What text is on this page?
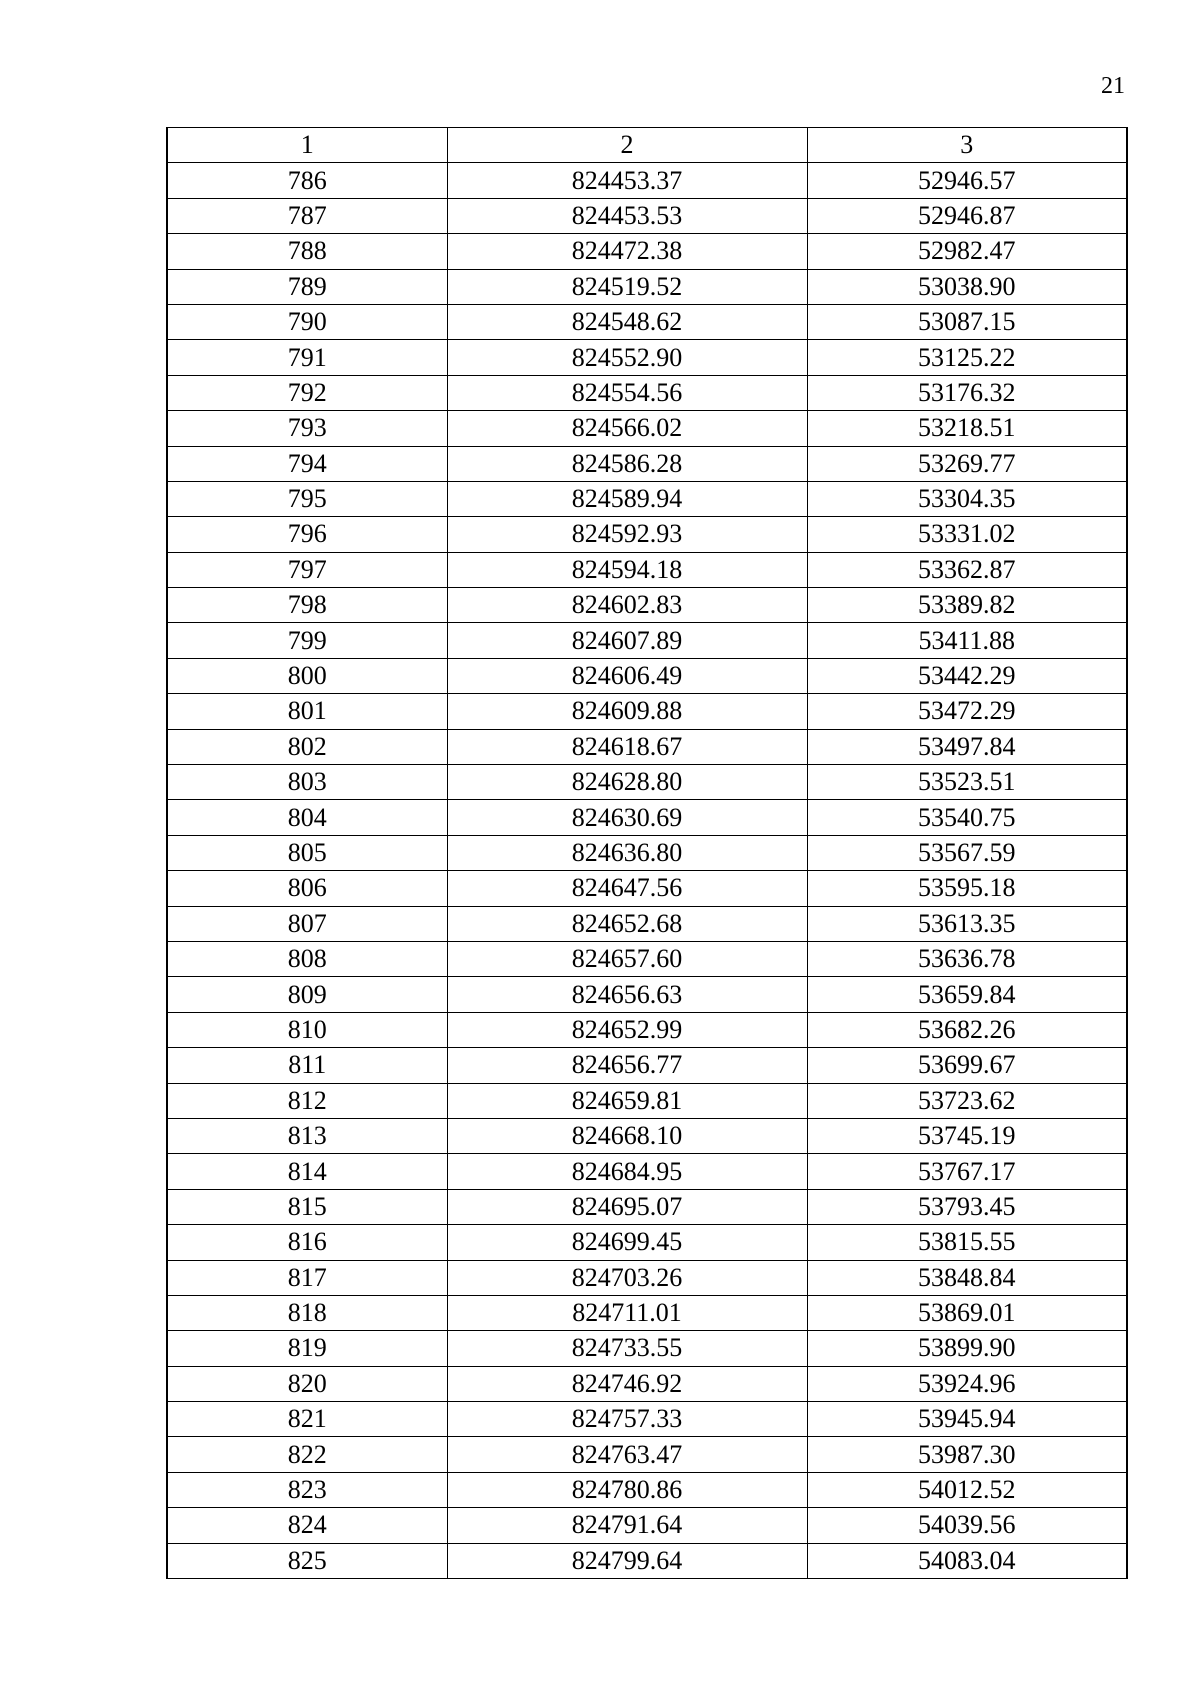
21
1	2	3
786	824453.37	52946.57
787	824453.53	52946.87
788	824472.38	52982.47
789	824519.52	53038.90
790	824548.62	53087.15
791	824552.90	53125.22
792	824554.56	53176.32
793	824566.02	53218.51
794	824586.28	53269.77
795	824589.94	53304.35
796	824592.93	53331.02
797	824594.18	53362.87
798	824602.83	53389.82
799	824607.89	53411.88
800	824606.49	53442.29
801	824609.88	53472.29
802	824618.67	53497.84
803	824628.80	53523.51
804	824630.69	53540.75
805	824636.80	53567.59
806	824647.56	53595.18
807	824652.68	53613.35
808	824657.60	53636.78
809	824656.63	53659.84
810	824652.99	53682.26
811	824656.77	53699.67
812	824659.81	53723.62
813	824668.10	53745.19
814	824684.95	53767.17
815	824695.07	53793.45
816	824699.45	53815.55
817	824703.26	53848.84
818	824711.01	53869.01
819	824733.55	53899.90
820	824746.92	53924.96
821	824757.33	53945.94
822	824763.47	53987.30
823	824780.86	54012.52
824	824791.64	54039.56
825	824799.64	54083.04
